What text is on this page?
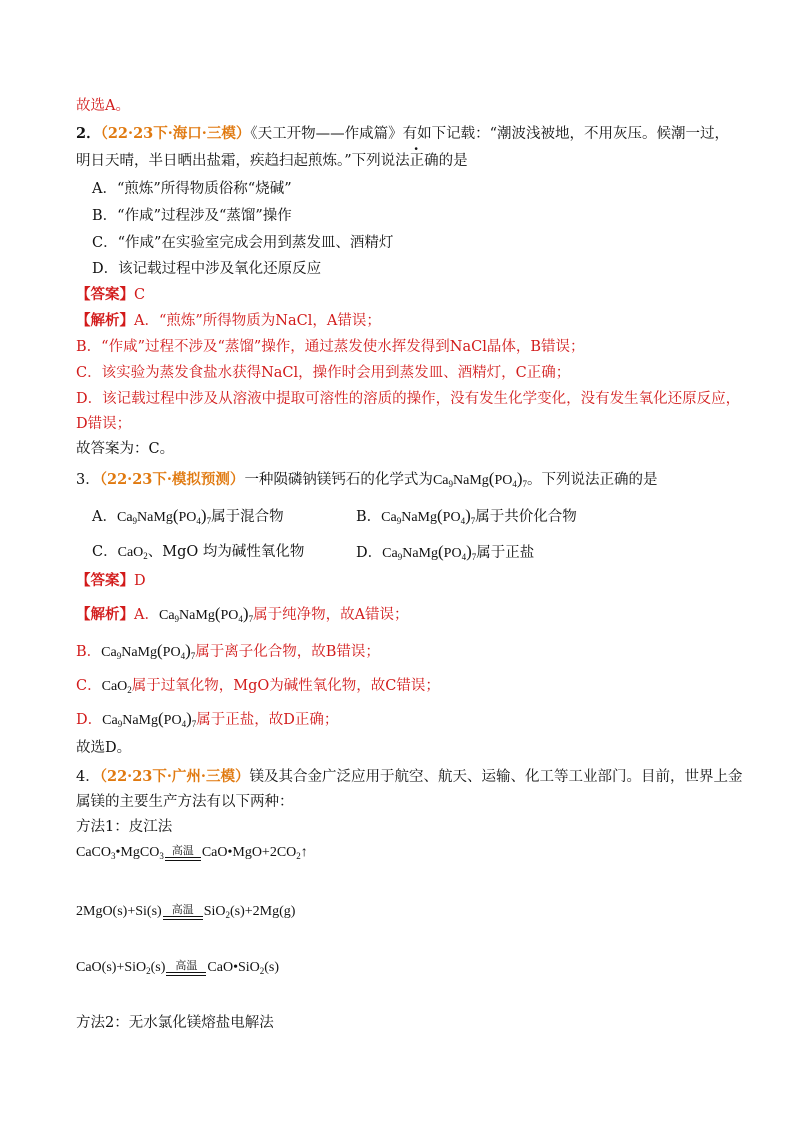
故选A。
2．（22·23下·海口·三模）《天工开物——作咸篇》有如下记载：“潮波浅被地，不用灰压。候潮一过，
明日天晴，半日晒出盐霜，疾趋扫起煎炼。”下列说法正确的是
A．“煎炼”所得物质俗称“烧碱”
B．“作咸”过程涉及“蒸馏”操作
C．“作咸”在实验室完成会用到蒸发皿、酒精灯
D．该记载过程中涉及氧化还原反应
【答案】C
【解析】A．“煎炼”所得物质为NaCl，A错误；
B．“作咸”过程不涉及“蒸馏”操作，通过蒸发使水挥发得到NaCl晶体，B错误；
C．该实验为蒸发食盐水获得NaCl，操作时会用到蒸发皿、酒精灯，C正确；
D．该记载过程中涉及从溶液中提取可溶性的溶质的操作，没有发生化学变化，没有发生氧化还原反应，
D错误；
故答案为：C。
3．（22·23下·模拟预测）一种陨磷钠镁钙石的化学式为$Ca_9NaMg(PO_4)_7$。下列说法正确的是
A．$Ca_9NaMg(PO_4)_7$属于混合物	B．$Ca_9NaMg(PO_4)_7$属于共价化合物
C．CaO$_2$、MgO 均为碱性氧化物	D．$Ca_9NaMg(PO_4)_7$属于正盐
【答案】D
【解析】A．$Ca_9NaMg(PO_4)_7$属于纯净物，故A错误；
B．$Ca_9NaMg(PO_4)_7$属于离子化合物，故B错误；
C．CaO$_2$属于过氧化物，MgO为碱性氧化物，故C错误；
D．$Ca_9NaMg(PO_4)_7$属于正盐，故D正确；
故选D。
4．（22·23下·广州·三模）镁及其合金广泛应用于航空、航天、运输、化工等工业部门。目前，世界上金
属镁的主要生产方法有以下两种：
方法1：皮江法
CaCO$_3$•MgCO$_3$ 高温 $CaO•MgO+2CO_2↑$
2MgO(s)+Si(s) 高温 SiO$_2$(s)+2Mg(g)
CaO(s)+SiO$_2$(s) 高温 CaO•SiO$_2$(s)
方法2：无水氯化镁熔盐电解法
